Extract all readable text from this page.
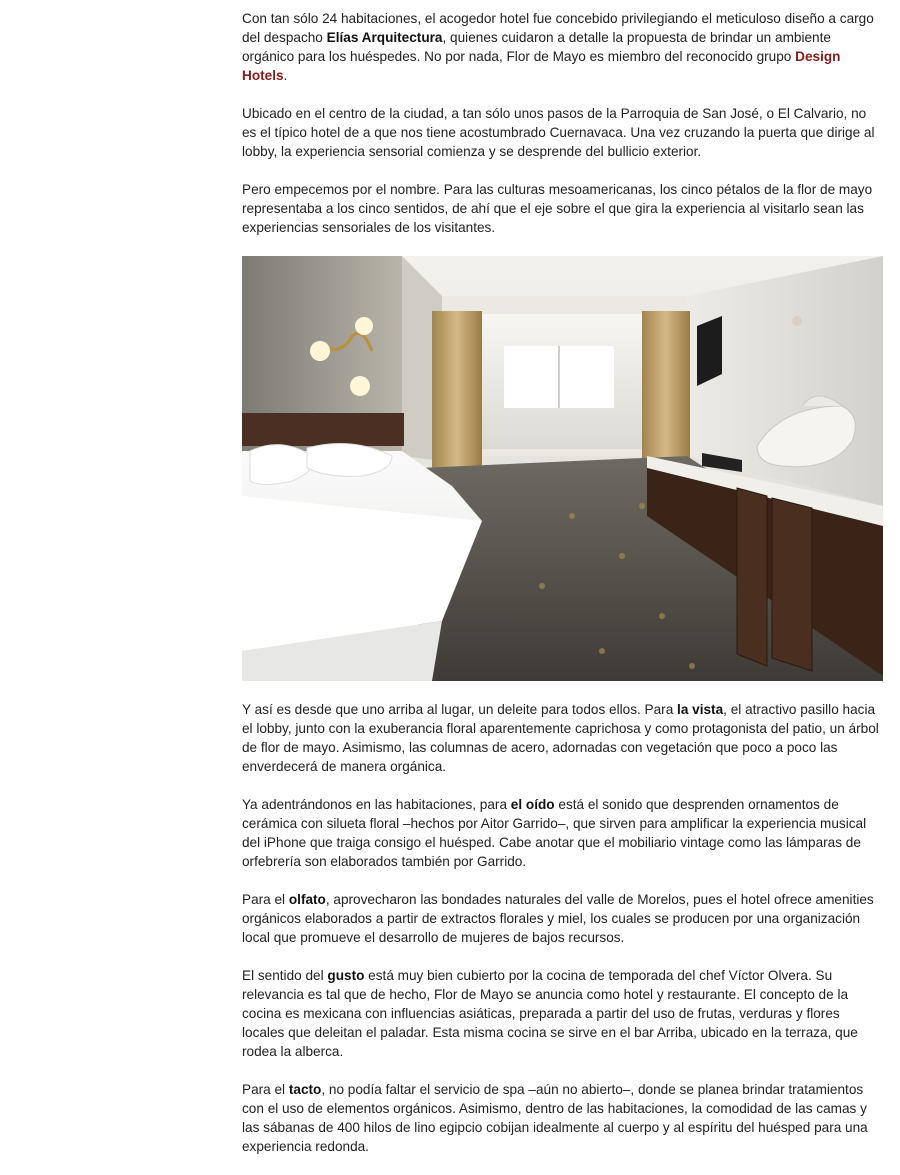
Con tan sólo 24 habitaciones, el acogedor hotel fue concebido privilegiando el meticuloso diseño a cargo del despacho Elías Arquitectura, quienes cuidaron a detalle la propuesta de brindar un ambiente orgánico para los huéspedes. No por nada, Flor de Mayo es miembro del reconocido grupo Design Hotels.

Ubicado en el centro de la ciudad, a tan sólo unos pasos de la Parroquia de San José, o El Calvario, no es el típico hotel de a que nos tiene acostumbrado Cuernavaca. Una vez cruzando la puerta que dirige al lobby, la experiencia sensorial comienza y se desprende del bullicio exterior.

Pero empecemos por el nombre. Para las culturas mesoamericanas, los cinco pétalos de la flor de mayo representaba a los cinco sentidos, de ahí que el eje sobre el que gira la experiencia al visitarlo sean las experiencias sensoriales de los visitantes.

Y así es desde que uno arriba al lugar, un deleite para todos ellos. Para la vista, el atractivo pasillo hacia el lobby, junto con la exuberancia floral aparentemente caprichosa y como protagonista del patio, un árbol de flor de mayo. Asimismo, las columnas de acero, adornadas con vegetación que poco a poco las enverdecerá de manera orgánica.

Ya adentrándonos en las habitaciones, para el oído está el sonido que desprenden ornamentos de cerámica con silueta floral –hechos por Aitor Garrido–, que sirven para amplificar la experiencia musical del iPhone que traiga consigo el huésped. Cabe anotar que el mobiliario vintage como las lámparas de orfebrería son elaborados también por Garrido.

Para el olfato, aprovecharon las bondades naturales del valle de Morelos, pues el hotel ofrece amenities orgánicos elaborados a partir de extractos florales y miel, los cuales se producen por una organización local que promueve el desarrollo de mujeres de bajos recursos.

El sentido del gusto está muy bien cubierto por la cocina de temporada del chef Víctor Olvera. Su relevancia es tal que de hecho, Flor de Mayo se anuncia como hotel y restaurante. El concepto de la cocina es mexicana con influencias asiáticas, preparada a partir del uso de frutas, verduras y flores locales que deleitan el paladar. Esta misma cocina se sirve en el bar Arriba, ubicado en la terraza, que rodea la alberca.

Para el tacto, no podía faltar el servicio de spa –aún no abierto–, donde se planea brindar tratamientos con el uso de elementos orgánicos. Asimismo, dentro de las habitaciones, la comodidad de las camas y las sábanas de 400 hilos de lino egipcio cobijan idealmente al cuerpo y al espíritu del huésped para una experiencia redonda.
